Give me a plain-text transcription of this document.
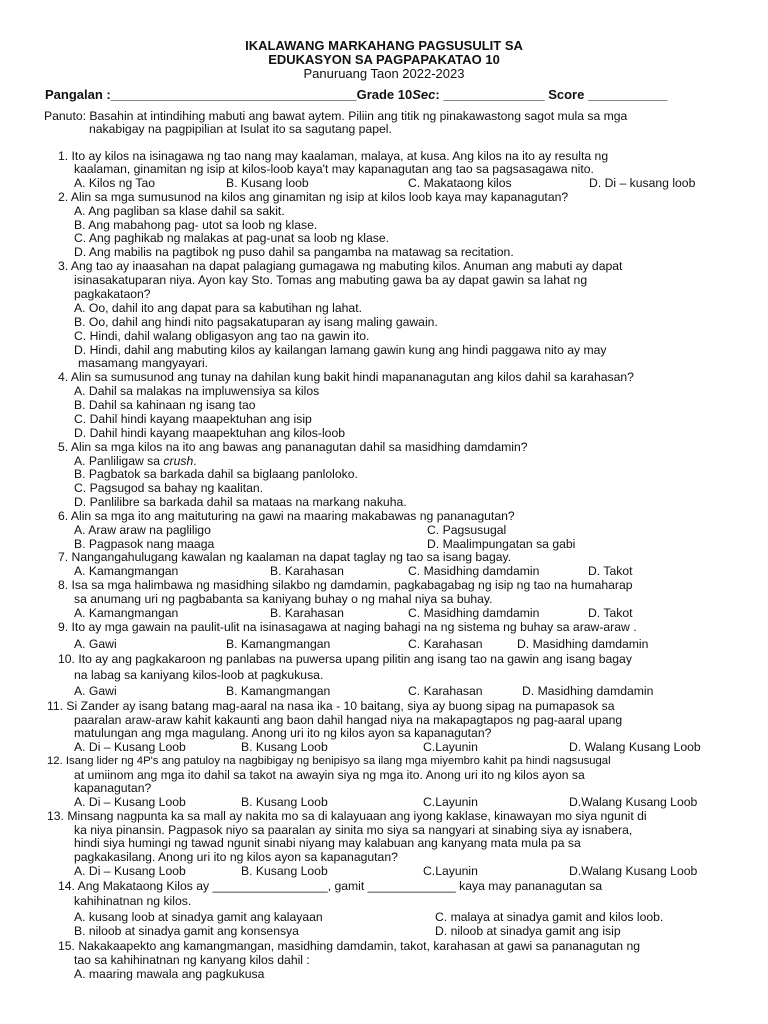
IKALAWANG MARKAHANG PAGSUSULIT SA
EDUKASYON SA PAGPAPAKATAO 10
Panuruang Taon 2022-2023
Pangalan :__________________________________Grade 10Sec: ______________ Score ___________
Panuto: Basahin at intindihing mabuti ang bawat aytem. Piliin ang titik ng pinakawastong sagot mula sa mga
nakabigay na pagpipilian at Isulat ito sa sagutang papel.
1. Ito ay kilos na isinagawa ng tao nang may kaalaman, malaya, at kusa. Ang kilos na ito ay resulta ng
kaalaman, ginamitan ng isip at kilos-loob kaya't may kapanagutan ang tao sa pagsasagawa nito.
A. Kilos ng Tao	B. Kusang loob	C. Makataong kilos	D. Di – kusang loob
2. Alin sa mga sumusunod na kilos ang ginamitan ng isip at kilos loob kaya may kapanagutan?
A. Ang pagliban sa klase dahil sa sakit.
B. Ang mabahong pag- utot sa loob ng klase.
C. Ang paghikab ng malakas at pag-unat sa loob ng klase.
D. Ang mabilis na pagtibok ng puso dahil sa pangamba na matawag sa recitation.
3. Ang tao ay inaasahan na dapat palagiang gumagawa ng mabuting kilos. Anuman ang mabuti ay dapat
isinasakatuparan niya. Ayon kay Sto. Tomas ang mabuting gawa ba ay dapat gawin sa lahat ng
pagkakataon?
A. Oo, dahil ito ang dapat para sa kabutihan ng lahat.
B. Oo, dahil ang hindi nito pagsakatuparan ay isang maling gawain.
C. Hindi, dahil walang obligasyon ang tao na gawin ito.
D. Hindi, dahil ang mabuting kilos ay kailangan lamang gawin kung ang hindi paggawa nito ay may
masamang mangyayari.
4. Alin sa sumusunod ang tunay na dahilan kung bakit hindi mapananagutan ang kilos dahil sa karahasan?
A. Dahil sa malakas na impluwensiya sa kilos
B. Dahil sa kahinaan ng isang tao
C. Dahil hindi kayang maapektuhan ang isip
D. Dahil hindi kayang maapektuhan ang kilos-loob
5. Alin sa mga kilos na ito ang bawas ang pananagutan dahil sa masidhing damdamin?
A. Panliligaw sa crush.
B. Pagbatok sa barkada dahil sa biglaang panloloko.
C. Pagsugod sa bahay ng kaalitan.
D. Panlilibre sa barkada dahil sa mataas na markang nakuha.
6. Alin sa mga ito ang maituturing na gawi na maaring makabawas ng pananagutan?
A. Araw araw na pagliligo	C. Pagsusugal
B. Pagpasok nang maaga	D. Maalimpungatan sa gabi
7. Nangangahulugang kawalan ng kaalaman na dapat taglay ng tao sa isang bagay.
A. Kamangmangan	B. Karahasan	C. Masidhing damdamin	D. Takot
8. Isa sa mga halimbawa ng masidhing silakbo ng damdamin, pagkabagabag ng isip ng tao na humaharap
sa anumang uri ng pagbabanta sa kaniyang buhay o ng mahal niya sa buhay.
A. Kamangmangan	B. Karahasan	C. Masidhing damdamin	D. Takot
9. Ito ay mga gawain na paulit-ulit na isinasagawa at naging bahagi na ng sistema ng buhay sa araw-araw .
A. Gawi	B. Kamangmangan	C. Karahasan	D. Masidhing damdamin
10. Ito ay ang pagkakaroon ng panlabas na puwersa upang pilitin ang isang tao na gawin ang isang bagay
na labag sa kaniyang kilos-loob at pagkukusa.
A. Gawi	B. Kamangmangan	C. Karahasan	D. Masidhing damdamin
11. Si Zander ay isang batang mag-aaral na nasa ika - 10 baitang, siya ay buong sipag na pumapasok sa
paaralan araw-araw kahit kakaunti ang baon dahil hangad niya na makapagtapos ng pag-aaral upang
matulungan ang mga magulang. Anong uri ito ng kilos ayon sa kapanagutan?
A. Di – Kusang Loob	B. Kusang Loob	C.Layunin	D. Walang Kusang Loob
12. Isang lider ng 4P's ang patuloy na nagbibigay ng benipisyo sa ilang mga miyembro kahit pa hindi nagsusugal
at umiinom ang mga ito dahil sa takot na awayin siya ng mga ito. Anong uri ito ng kilos ayon sa
kapanagutan?
A. Di – Kusang Loob	B. Kusang Loob	C.Layunin	D.Walang Kusang Loob
13. Minsang nagpunta ka sa mall ay nakita mo sa di kalayuaan ang iyong kaklase, kinawayan mo siya ngunit di
ka niya pinansin. Pagpasok niyo sa paaralan ay sinita mo siya sa nangyari at sinabing siya ay isnabera,
hindi siya humingi ng tawad ngunit sinabi niyang may kalabuan ang kanyang mata mula pa sa
pagkakasilang. Anong uri ito ng kilos ayon sa kapanagutan?
A. Di – Kusang Loob	B. Kusang Loob	C.Layunin	D.Walang Kusang Loob
14. Ang Makataong Kilos ay _________________, gamit _____________ kaya may pananagutan sa
kahihinatnan ng kilos.
A. kusang loob at sinadya gamit ang kalayaan	C. malaya at sinadya gamit and kilos loob.
B. niloob at sinadya gamit ang konsensya	D. niloob at sinadya gamit ang isip
15. Nakakaapekto ang kamangmangan, masidhing damdamin, takot, karahasan at gawi sa pananagutan ng
tao sa kahihinatnan ng kanyang kilos dahil :
A. maaring mawala ang pagkukusa
